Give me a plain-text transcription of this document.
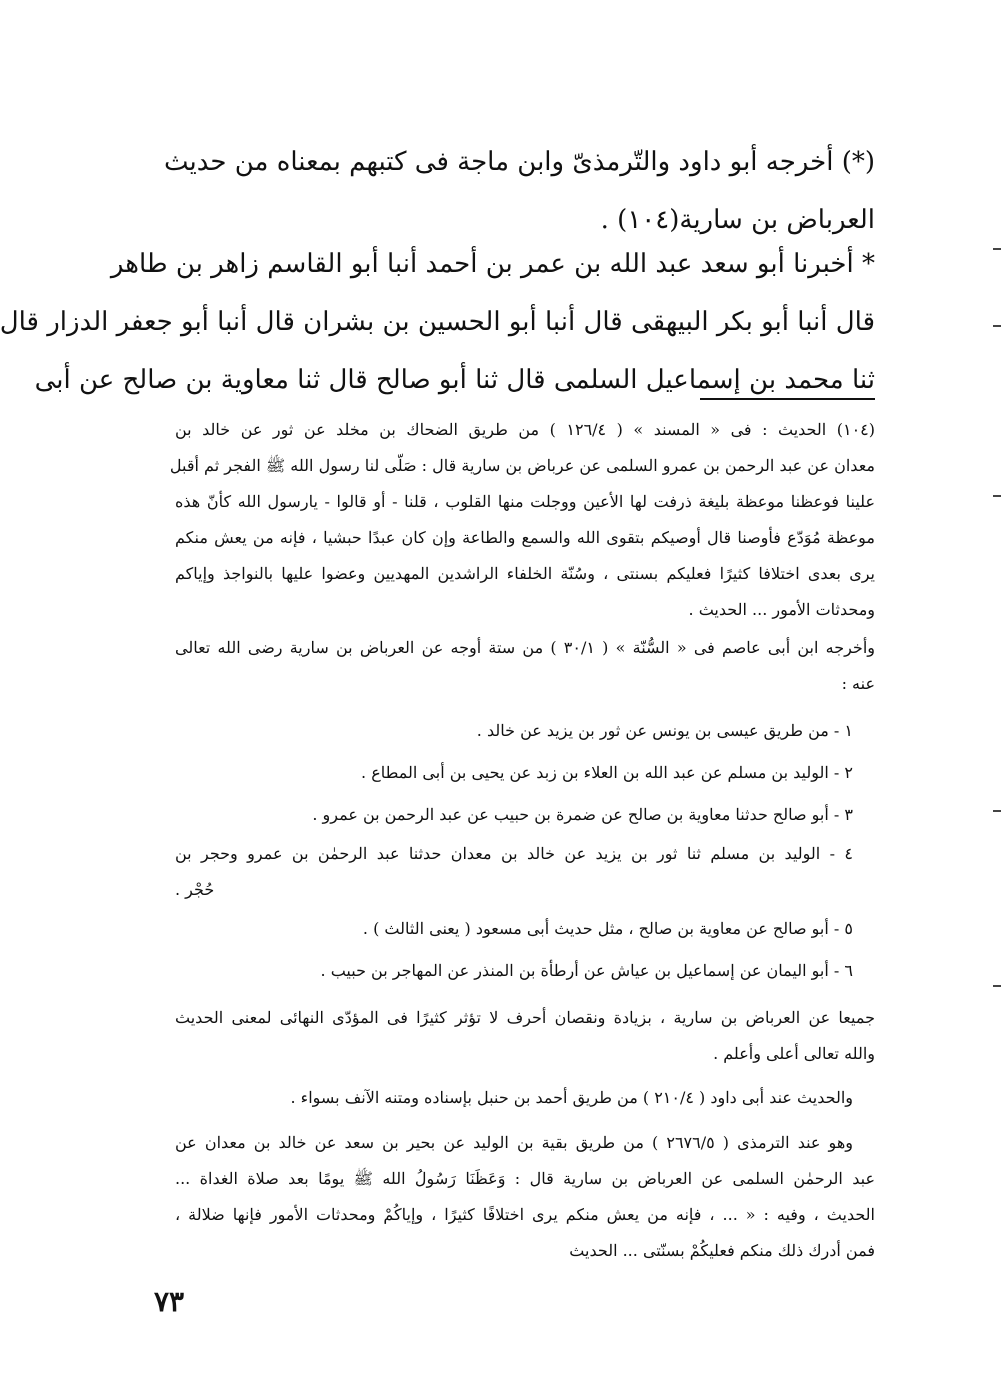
(*) أخرجه أبو داود والتّرمذىّ وابن ماجة فى كتبهم بمعناه من حديث
العرباض بن سارية(١٠٤) .
* أخبرنا أبو سعد عبد الله بن عمر بن أحمد أنبا أبو القاسم زاهر بن طاهر
قال أنبا أبو بكر البيهقى قال أنبا أبو الحسين بن بشران قال أنبا أبو جعفر الدزار قال
ثنا محمد بن إسماعيل السلمى قال ثنا أبو صالح قال ثنا معاوية بن صالح عن أبى
(١٠٤) الحديث : فى « المسند » ( ١٢٦/٤ ) من طريق الضحاك بن مخلد عن ثور عن خالد بن
معدان عن عبد الرحمن بن عمرو السلمى عن عرباض بن سارية قال : صَلّى لنا رسول الله ﷺ الفجر ثم أقبل
علينا فوعظنا موعظة بليغة ذرفت لها الأعين ووجلت منها القلوب ، قلنا - أو قالوا - يارسول الله كأنّ هذه
موعظة مُوَدّع فأوصنا قال أوصيكم بتقوى الله والسمع والطاعة وإن كان عبدًا حبشيا ، فإنه من يعش منكم
يرى بعدى اختلافا كثيرًا فعليكم بسنتى ، وسُنّة الخلفاء الراشدين المهديين وعضوا عليها بالنواجذ وإياكم
ومحدثات الأمور ... الحديث .
وأخرجه ابن أبى عاصم فى « السُّنّة » ( ٣٠/١ ) من ستة أوجه عن العرباض بن سارية رضى الله تعالى
عنه :
١ - من طريق عيسى بن يونس عن ثور بن يزيد عن خالد .
٢ - الوليد بن مسلم عن عبد الله بن العلاء بن زبد عن يحيى بن أبى المطاع .
٣ - أبو صالح حدثنا معاوية بن صالح عن ضمرة بن حبيب عن عبد الرحمن بن عمرو .
٤ - الوليد بن مسلم ثنا ثور بن يزيد عن خالد بن معدان حدثنا عبد الرحمٰن بن عمرو وحجر بن
حُجْر .
٥ - أبو صالح عن معاوية بن صالح ، مثل حديث أبى مسعود ( يعنى الثالث ) .
٦ - أبو اليمان عن إسماعيل بن عياش عن أرطأة بن المنذر عن المهاجر بن حبيب .
جميعا عن العرباض بن سارية ، بزيادة ونقصان أحرف لا تؤثر كثيرًا فى المؤدّى النهائى لمعنى الحديث
والله تعالى أعلى وأعلم .
والحديث عند أبى داود ( ٢١٠/٤ ) من طريق أحمد بن حنبل بإسناده ومتنه الآنف بسواء .
وهو عند الترمذى ( ٢٦٧٦/٥ ) من طريق بقية بن الوليد عن بحير بن سعد عن خالد بن معدان عن
عبد الرحمٰن السلمى عن العرباض بن سارية قال : وَعَظَنَا رَسُولُ الله ﷺ يومًا بعد صلاة الغداة ...
الحديث ، وفيه : « ... ، فإنه من يعش منكم يرى اختلافًا كثيرًا ، وإياكُمْ ومحدثات الأمور فإنها ضلالة ،
فمن أدرك ذلك منكم فعليكُمْ بسنّتى ... الحديث
٧٣
